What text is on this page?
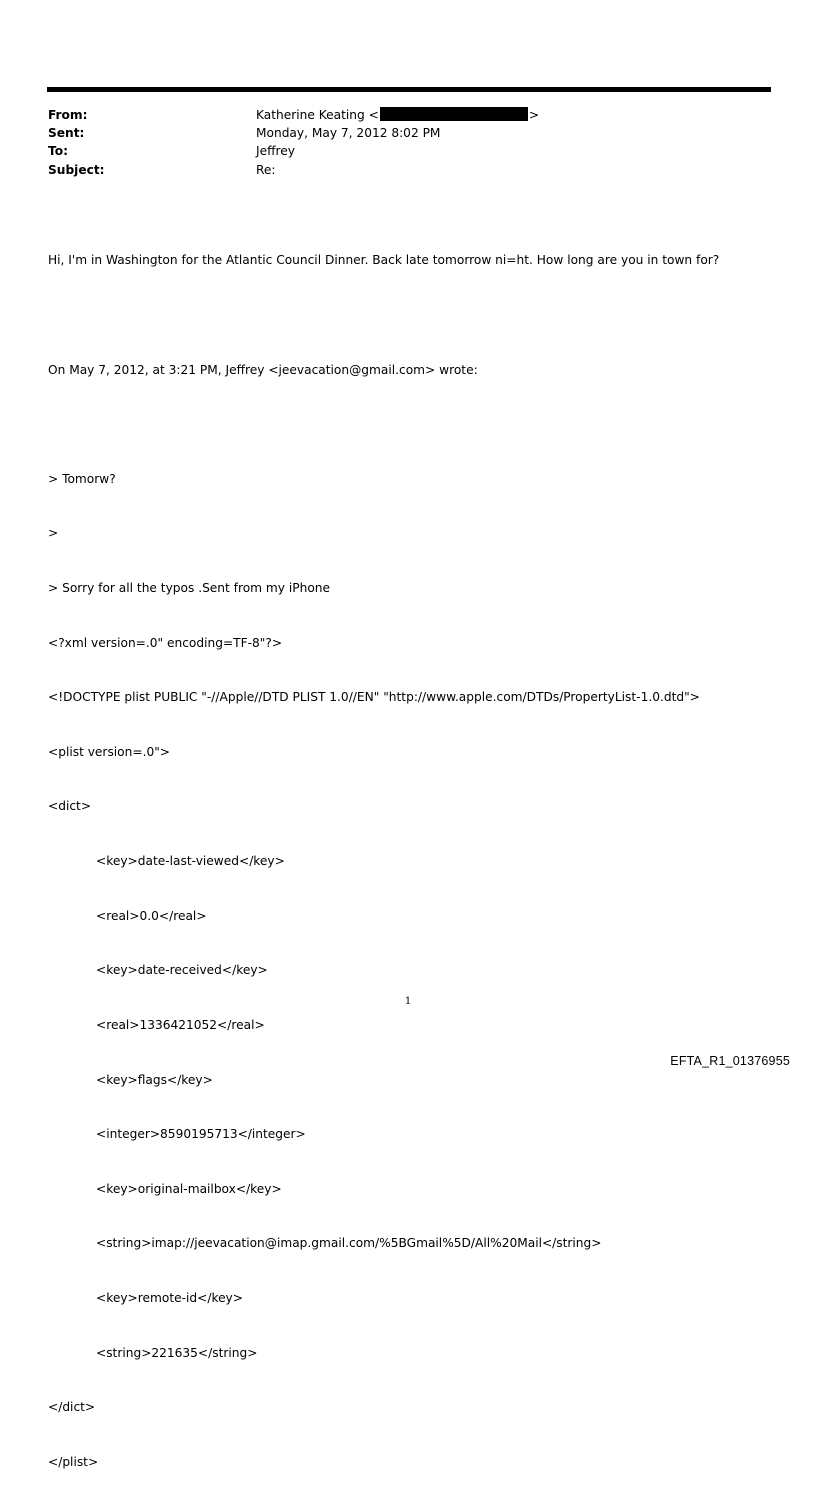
From:	Katherine Keating <	>
Sent:	Monday, May 7, 2012 8:02 PM
To:	Jeffrey
Subject:	Re:

Hi, I'm in Washington for the Atlantic Council Dinner. Back late tomorrow ni=ht. How long are you in town for?

On May 7, 2012, at 3:21 PM, Jeffrey <jeevacation@gmail.com> wrote:

> Tomorw?

>

> Sorry for all the typos .Sent from my iPhone

<?xml version=.0" encoding=TF-8"?>

<!DOCTYPE plist PUBLIC "-//Apple//DTD PLIST 1.0//EN" "http://www.apple.com/DTDs/PropertyList-1.0.dtd">

<plist version=.0">

<dict>

<key>date-last-viewed</key>

<real>0.0</real>

<key>date-received</key>

<real>1336421052</real>

<key>flags</key>

<integer>8590195713</integer>

<key>original-mailbox</key>

<string>imap://jeevacation@imap.gmail.com/%5BGmail%5D/All%20Mail</string>

<key>remote-id</key>

<string>221635</string>

</dict>

</plist>

1
EFTA_R1_01376955
